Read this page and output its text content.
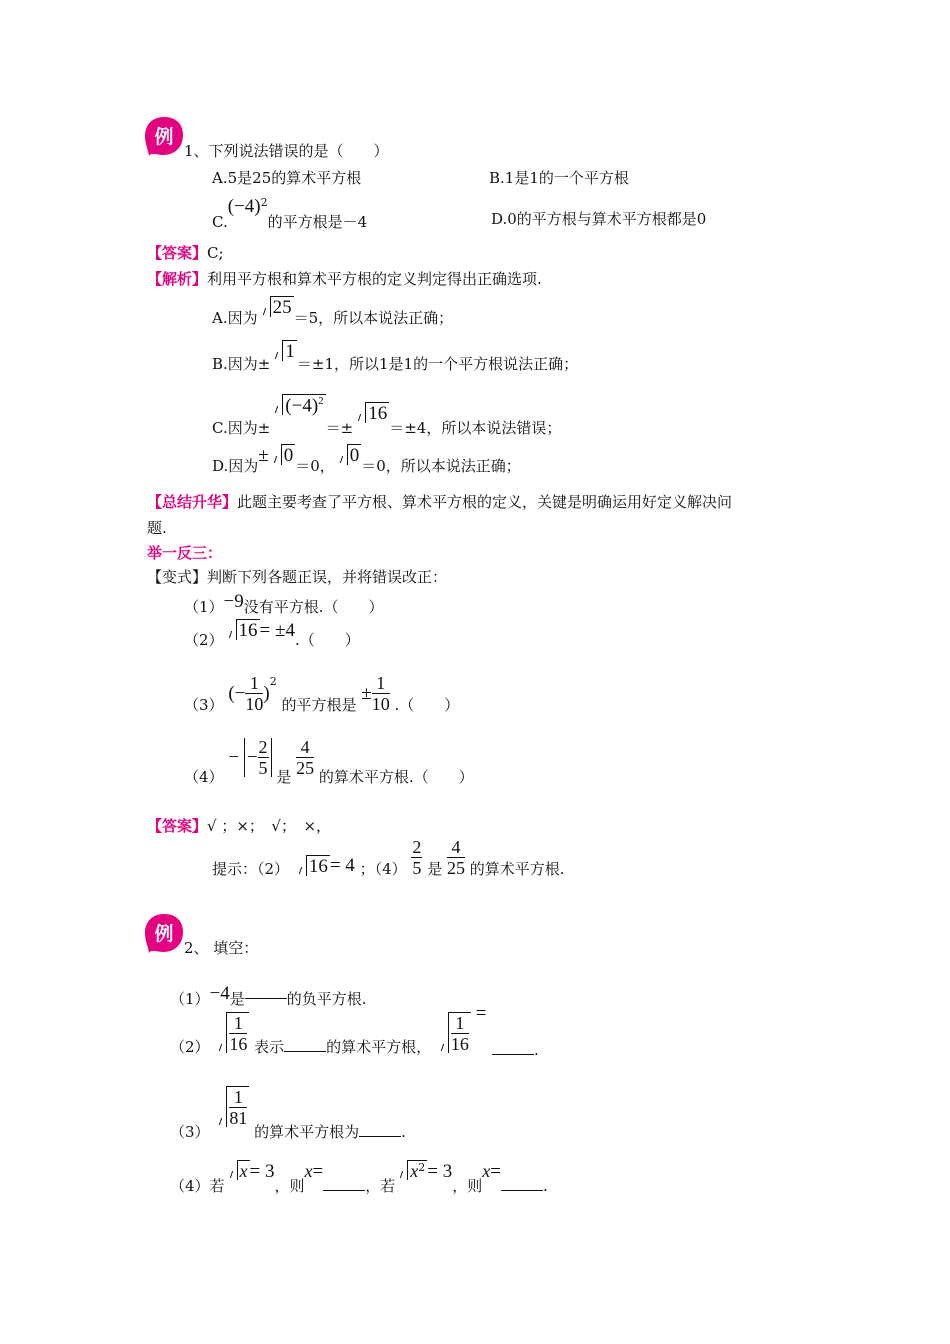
例
1、下列说法错误的是（　　）
A.5是25的算术平方根	B.1是1的一个平方根
$C.(-4)^2$的平方根是－4	D.0的平方根与算术平方根都是0
【答案】C;
【解析】利用平方根和算术平方根的定义判定得出正确选项.
A.因为 25 ＝5，所以本说法正确；
B.因为±1＝±1，所以1是1的一个平方根说法正确；
C.因为$\pm(-4)^2=\pm 16=\pm 4$，所以本说法错误；
D.因为± 0 ＝0， 0 ＝0，所以本说法正确；
【总结升华】此题主要考查了平方根、算术平方根的定义，关键是明确运用好定义解决问
题.
举一反三：
【变式】判断下列各题正误，并将错误改正：
（1）−9没有平方根.（　　）
（2） 16 = ±4.（　　）
（3） (− $\frac{1}{10} )^2$ 的平方根是 ± $\frac{1}{10}$ .（　　）
（4） − − $\frac{2}{5}$ 是 $\frac{4}{25}$ 的算术平方根.（　　）
【答案】√ ；×；　√；　×，
提示：（2） 16 = 4 ；$(4) \frac{2}{5}$ 是 $\frac{4}{25}$ 的算术平方根.
例
2、 填空：
（1）−4是	的负平方根.
$(2) \frac{1}{16}$ 表示	的算术平方根， $\frac{1}{16}$
=
.
（3）
$\frac{1}{81}$
的算术平方根为	.
（4）若x = 3，则x=，若$x^2 = 3$，则x=.
